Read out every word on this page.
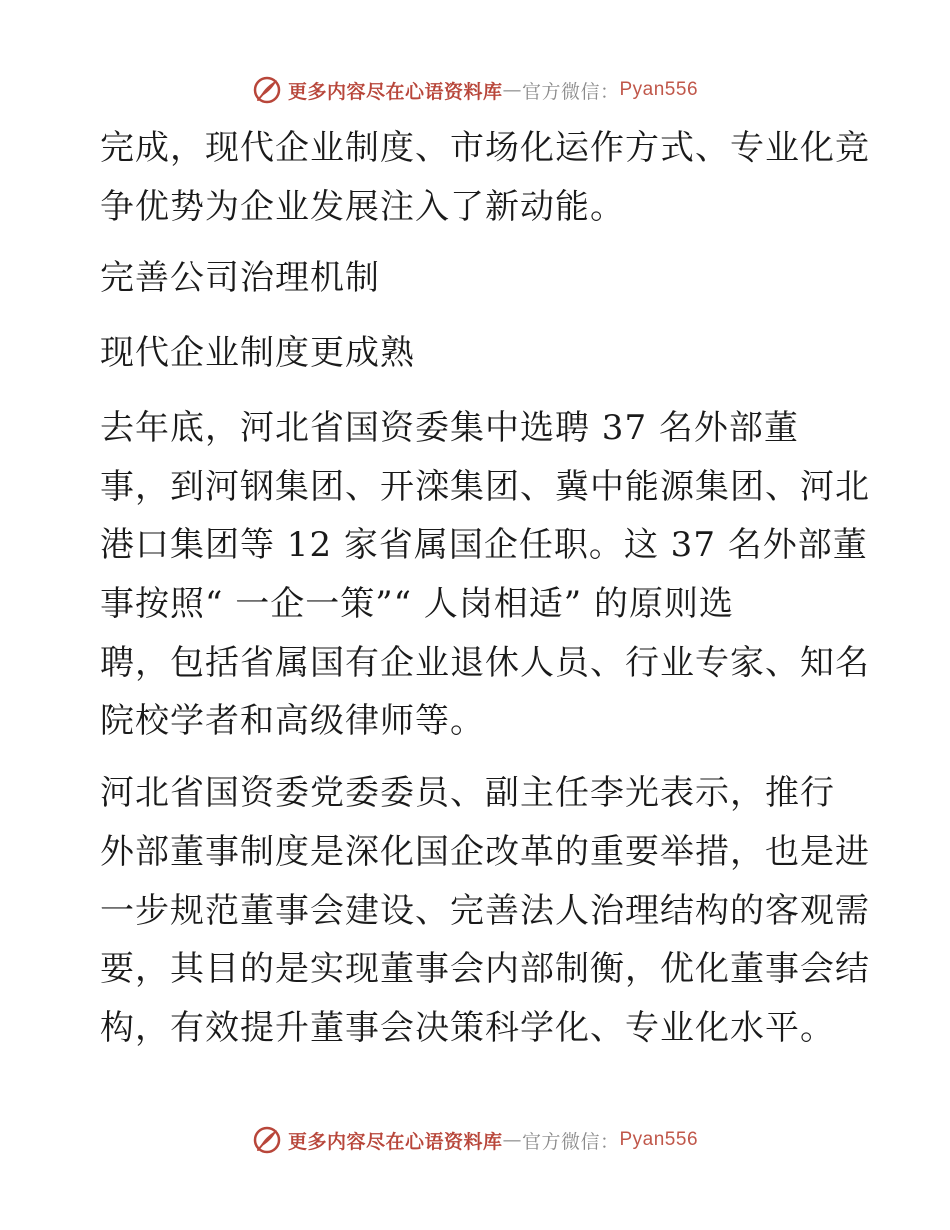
更多内容尽在心语资料库 — 官方微信： Pyan556
完成，现代企业制度、市场化运作方式、专业化竞
争优势为企业发展注入了新动能。
完善公司治理机制
现代企业制度更成熟
去年底，河北省国资委集中选聘 37 名外部董
事，到河钢集团、开滦集团、冀中能源集团、河北
港口集团等 12 家省属国企任职。这 37 名外部董
事按照“ 一企一策”“ 人岗相适” 的原则选
聘，包括省属国有企业退休人员、行业专家、知名
院校学者和高级律师等。
河北省国资委党委委员、副主任李光表示，推行
外部董事制度是深化国企改革的重要举措，也是进
一步规范董事会建设、完善法人治理结构的客观需
要，其目的是实现董事会内部制衡，优化董事会结
构，有效提升董事会决策科学化、专业化水平。
更多内容尽在心语资料库 — 官方微信： Pyan556
